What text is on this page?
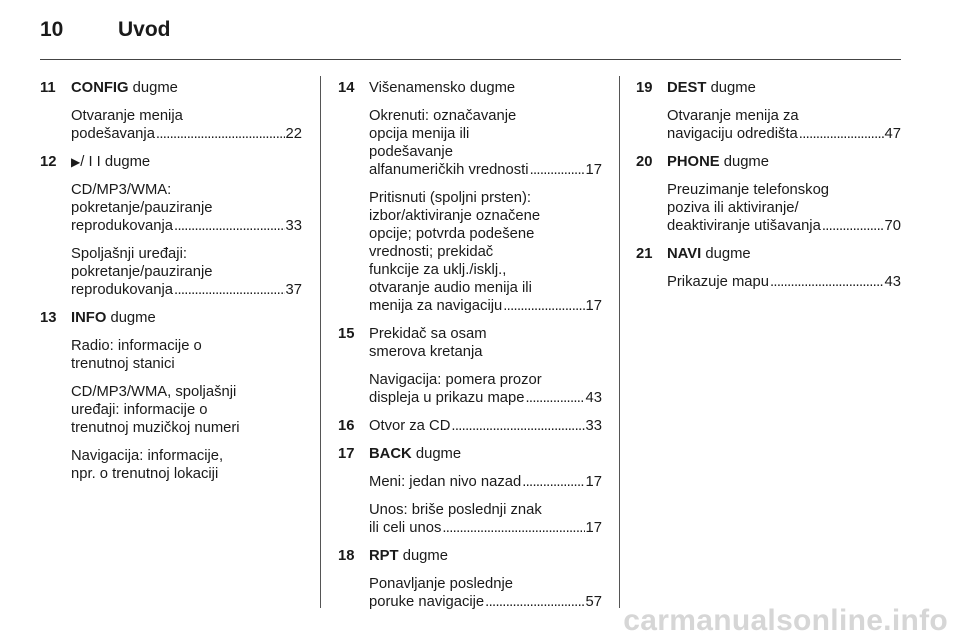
10	Uvod
11 CONFIG dugme
Otvaranje menija
podešavanja . . .	22
12 ▶/ I I dugme
CD/MP3/WMA:
pokretanje/pauziranje
reprodukovanja . . .	33
Spoljašnji uređaji:
pokretanje/pauziranje
reprodukovanja . . .	37
13 INFO dugme
Radio: informacije o
trenutnoj stanici
CD/MP3/WMA, spoljašnji
uređaji: informacije o
trenutnoj muzičkoj numeri
Navigacija: informacije,
npr. o trenutnoj lokaciji
14 Višenamensko dugme
Okrenuti: označavanje
opcija menija ili
podešavanje
alfanumeričkih vrednosti . . .	17
Pritisnuti (spoljni prsten):
izbor/aktiviranje označene
opcije; potvrda podešene
vrednosti; prekidač
funkcije za uklj./isklj.,
otvaranje audio menija ili
menija za navigaciju . . .	17
15 Prekidač sa osam
smerova kretanja
Navigacija: pomera prozor
displeja u prikazu mape . . .	43
16 Otvor za CD . . .	33
17 BACK dugme
Meni: jedan nivo nazad . . .	17
Unos: briše poslednji znak
ili celi unos . . .	17
18 RPT dugme
Ponavljanje poslednje
poruke navigacije . . .	57
19 DEST dugme
Otvaranje menija za
navigaciju odredišta . . .	47
20 PHONE dugme
Preuzimanje telefonskog
poziva ili aktiviranje/
deaktiviranje utišavanja . . .	70
21 NAVI dugme
Prikazuje mapu . . .	43
carmanualsonline.info
